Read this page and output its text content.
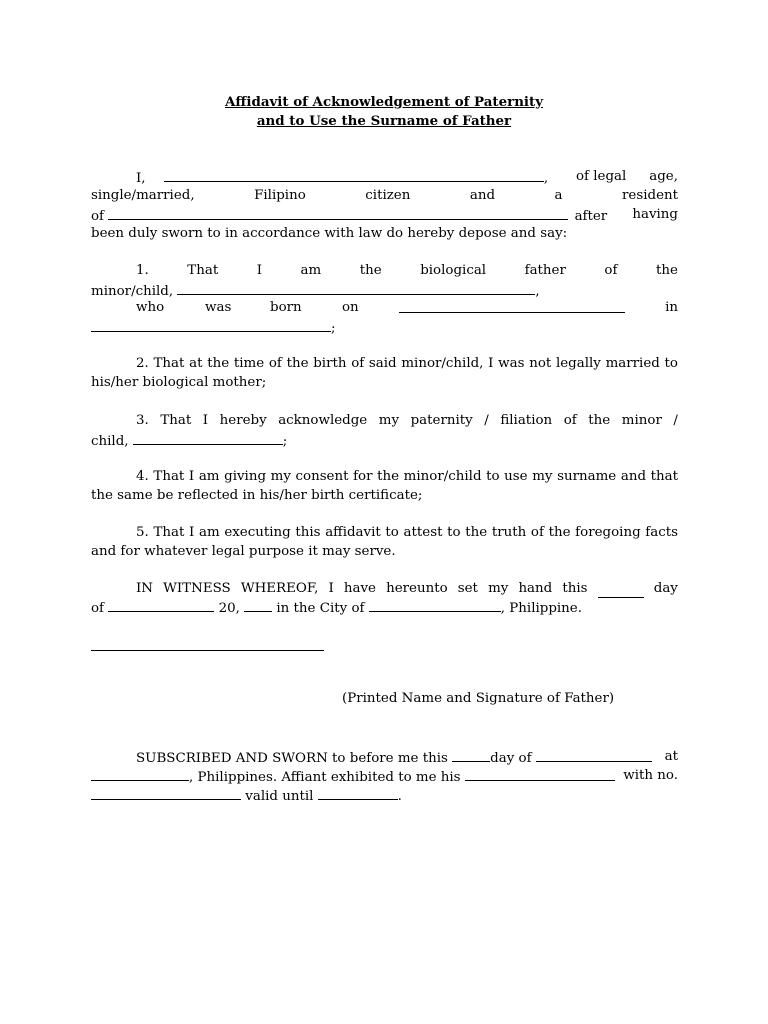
Affidavit of Acknowledgement of Paternity
and to Use the Surname of Father
I,	, of legal age,
single/married,	Filipino	citizen	and	a	resident
of	after having
been duly sworn to in accordance with law do hereby depose and say:
1.	That	I	am	the	biological	father	of	the
minor/child,	,
who	was	born	on	in
;
2. That at the time of the birth of said minor/child, I was not legally married to
his/her biological mother;
3. That I hereby acknowledge my paternity / filiation of the minor /
child,	;
4. That I am giving my consent for the minor/child to use my surname and that
the same be reflected in his/her birth certificate;
5. That I am executing this affidavit to attest to the truth of the foregoing facts
and for whatever legal purpose it may serve.
IN WITNESS WHEREOF, I have hereunto set my hand this	day
of	20,	in the City of	, Philippine.
(Printed Name and Signature of Father)
SUBSCRIBED AND SWORN to before me this	day of	at
, Philippines. Affiant exhibited to me his	with no.
valid until	.
